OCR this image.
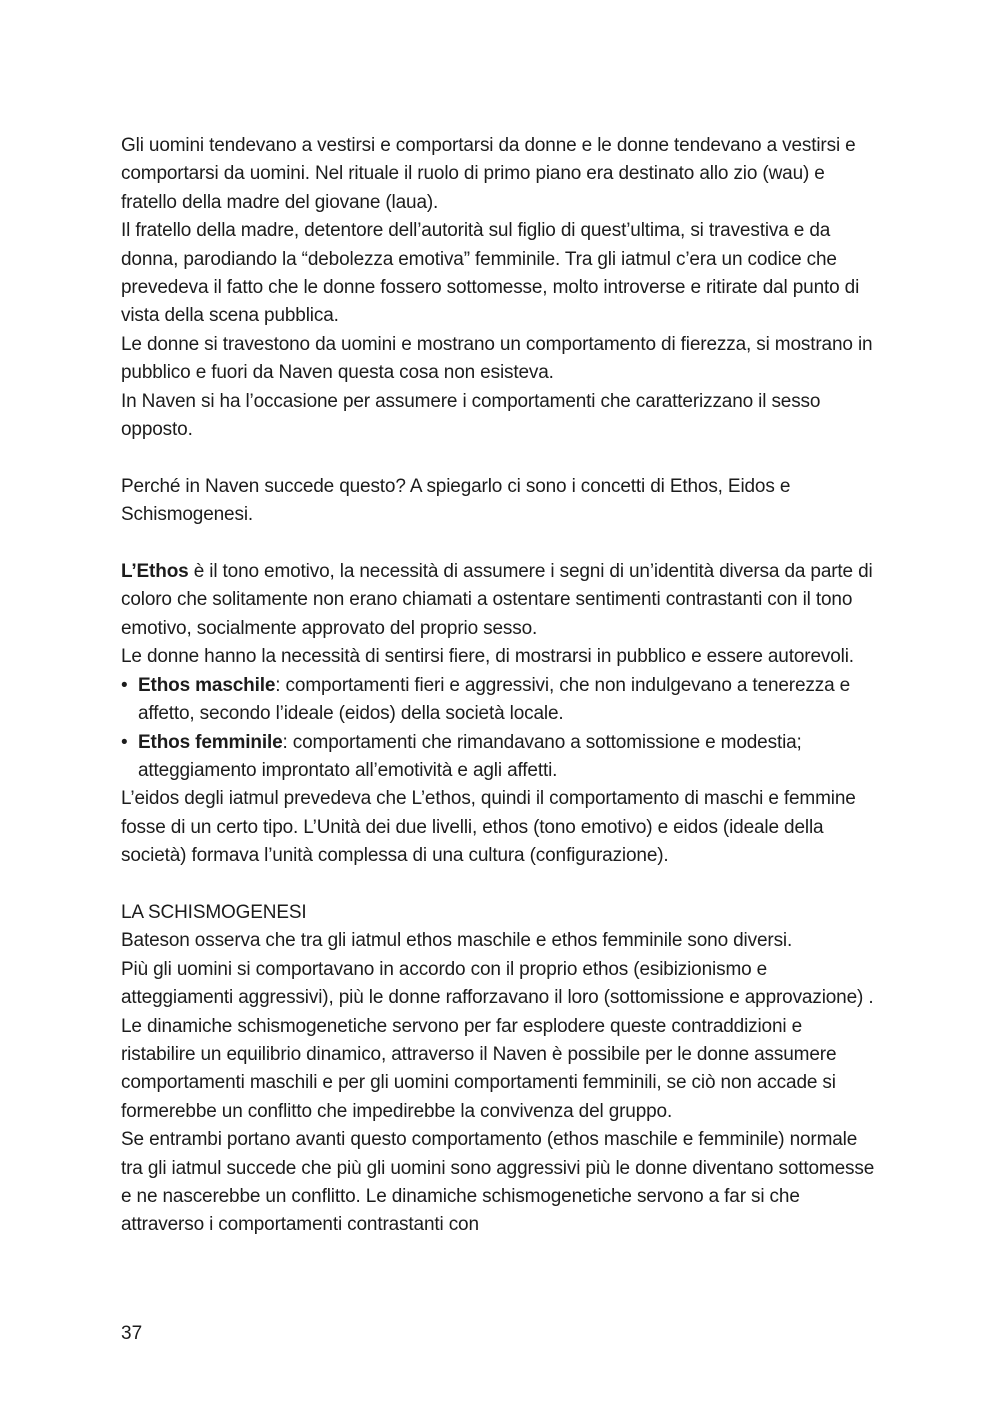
Gli uomini tendevano a vestirsi e comportarsi da donne e le donne tendevano a vestirsi e comportarsi da uomini. Nel rituale il ruolo di primo piano era destinato allo zio (wau) e fratello della madre del giovane (laua).

Il fratello della madre, detentore dell’autorità sul figlio di quest’ultima, si travestiva e da donna, parodiando la “debolezza emotiva” femminile. Tra gli iatmul c’era un codice che prevedeva il fatto che le donne fossero sottomesse, molto introverse e ritirate dal punto di vista della scena pubblica.

Le donne si travestono da uomini e mostrano un comportamento di fierezza, si mostrano in pubblico e fuori da Naven questa cosa non esisteva.

In Naven si ha l’occasione per assumere i comportamenti che caratterizzano il sesso opposto.

Perché in Naven succede questo? A spiegarlo ci sono i concetti di Ethos, Eidos e Schismogenesi.

L’Ethos è il tono emotivo, la necessità di assumere i segni di un’identità diversa da parte di coloro che solitamente non erano chiamati a ostentare sentimenti contrastanti con il tono emotivo, socialmente approvato del proprio sesso.

Le donne hanno la necessità di sentirsi fiere, di mostrarsi in pubblico e essere autorevoli.

• Ethos maschile: comportamenti fieri e aggressivi, che non indulgevano a tenerezza e affetto, secondo l’ideale (eidos) della società locale.
• Ethos femminile: comportamenti che rimandavano a sottomissione e modestia; atteggiamento improntato all’emotività e agli affetti.

L’eidos degli iatmul prevedeva che L’ethos, quindi il comportamento di maschi e femmine fosse di un certo tipo. L’Unità dei due livelli, ethos (tono emotivo) e eidos (ideale della società) formava l’unità complessa di una cultura (configurazione).

LA SCHISMOGENESI

Bateson osserva che tra gli iatmul ethos maschile e ethos femminile sono diversi.

Più gli uomini si comportavano in accordo con il proprio ethos (esibizionismo e atteggiamenti aggressivi), più le donne rafforzavano il loro (sottomissione e approvazione) .

Le dinamiche schismogenetiche servono per far esplodere queste contraddizioni e ristabilire un equilibrio dinamico, attraverso il Naven è possibile per le donne assumere comportamenti maschili e per gli uomini comportamenti femminili, se ciò non accade si formerebbe un conflitto che impedirebbe la convivenza del gruppo.

Se entrambi portano avanti questo comportamento (ethos maschile e femminile) normale tra gli iatmul succede che più gli uomini sono aggressivi più le donne diventano sottomesse e ne nascerebbe un conflitto. Le dinamiche schismogenetiche servono a far si che attraverso i comportamenti contrastanti con

37
